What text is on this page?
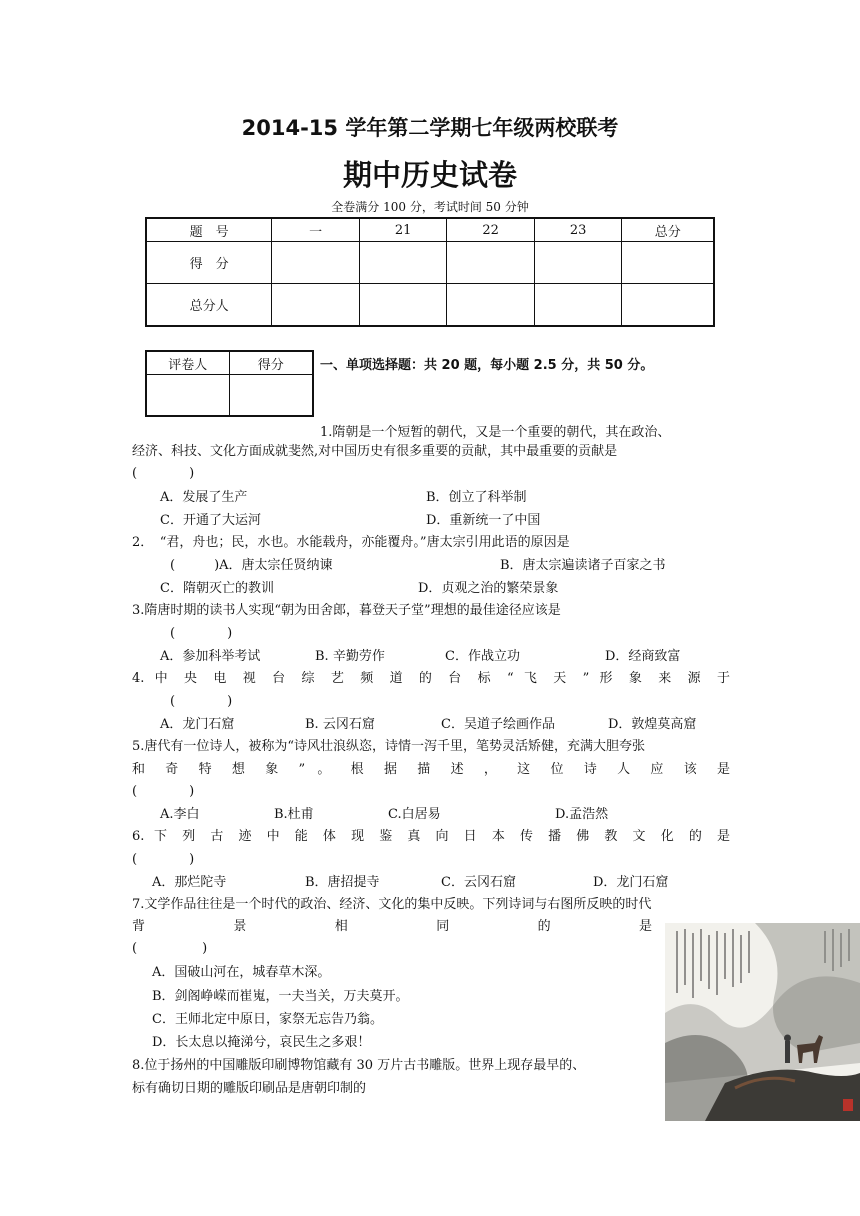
2014-15 学年第二学期七年级两校联考
期中历史试卷
全卷满分 100 分，考试时间 50 分钟
题　号	一	21	22	23	总分
得　分					
总分人					
评卷人	得分
		一、单项选择题：共 20 题，每小题 2.5 分，共 50 分。
1.隋朝是一个短暂的朝代，又是一个重要的朝代，其在政治、
经济、科技、文化方面成就斐然,对中国历史有很多重要的贡献，其中最重要的贡献是
(　　　　)
A．发展了生产	B．创立了科举制
C．开通了大运河	D．重新统一了中国
2．　“君，舟也；民，水也。水能载舟，亦能覆舟。”唐太宗引用此语的原因是
(　　　)A．唐太宗任贤纳谏	B．唐太宗遍读诸子百家之书
C．隋朝灭亡的教训	D．贞观之治的繁荣景象
3.隋唐时期的读书人实现“朝为田舍郎，暮登天子堂”理想的最佳途径应该是
(　　　　)
A．参加科举考试	B. 辛勤劳作	C．作战立功	D．经商致富
4. 中 央 电 视 台 综 艺 频 道 的 台 标 “ 飞 天 ” 形 象 来 源 于
(　　　　)
A．龙门石窟	B. 云冈石窟	C．吴道子绘画作品	D．敦煌莫高窟
5.唐代有一位诗人，被称为“诗风壮浪纵恣，诗情一泻千里，笔势灵活矫健，充满大胆夸张
和 奇 特 想 象 ” 。 根 据 描 述 ， 这 位 诗 人 应 该 是
(　　　　)
A.李白	B.杜甫	C.白居易	D.孟浩然
6. 下 列 古 迹 中 能 体 现 鉴 真 向 日 本 传 播 佛 教 文 化 的 是
(　　　　)
A．那烂陀寺	B．唐招提寺	C．云冈石窟	D．龙门石窟
7.文学作品往往是一个时代的政治、经济、文化的集中反映。下列诗词与右图所反映的时代
背　　　　　景　　　　　相　　　　　同　　　　　的　　　　　是
(　　　　　)
A．国破山河在，城春草木深。
B．剑阁峥嵘而崔嵬，一夫当关，万夫莫开。
C．王师北定中原日，家祭无忘告乃翁。
D．长太息以掩涕兮，哀民生之多艰！
8.位于扬州的中国雕版印刷博物馆藏有 30 万片古书雕版。世界上现存最早的、
标有确切日期的雕版印刷品是唐朝印制的
